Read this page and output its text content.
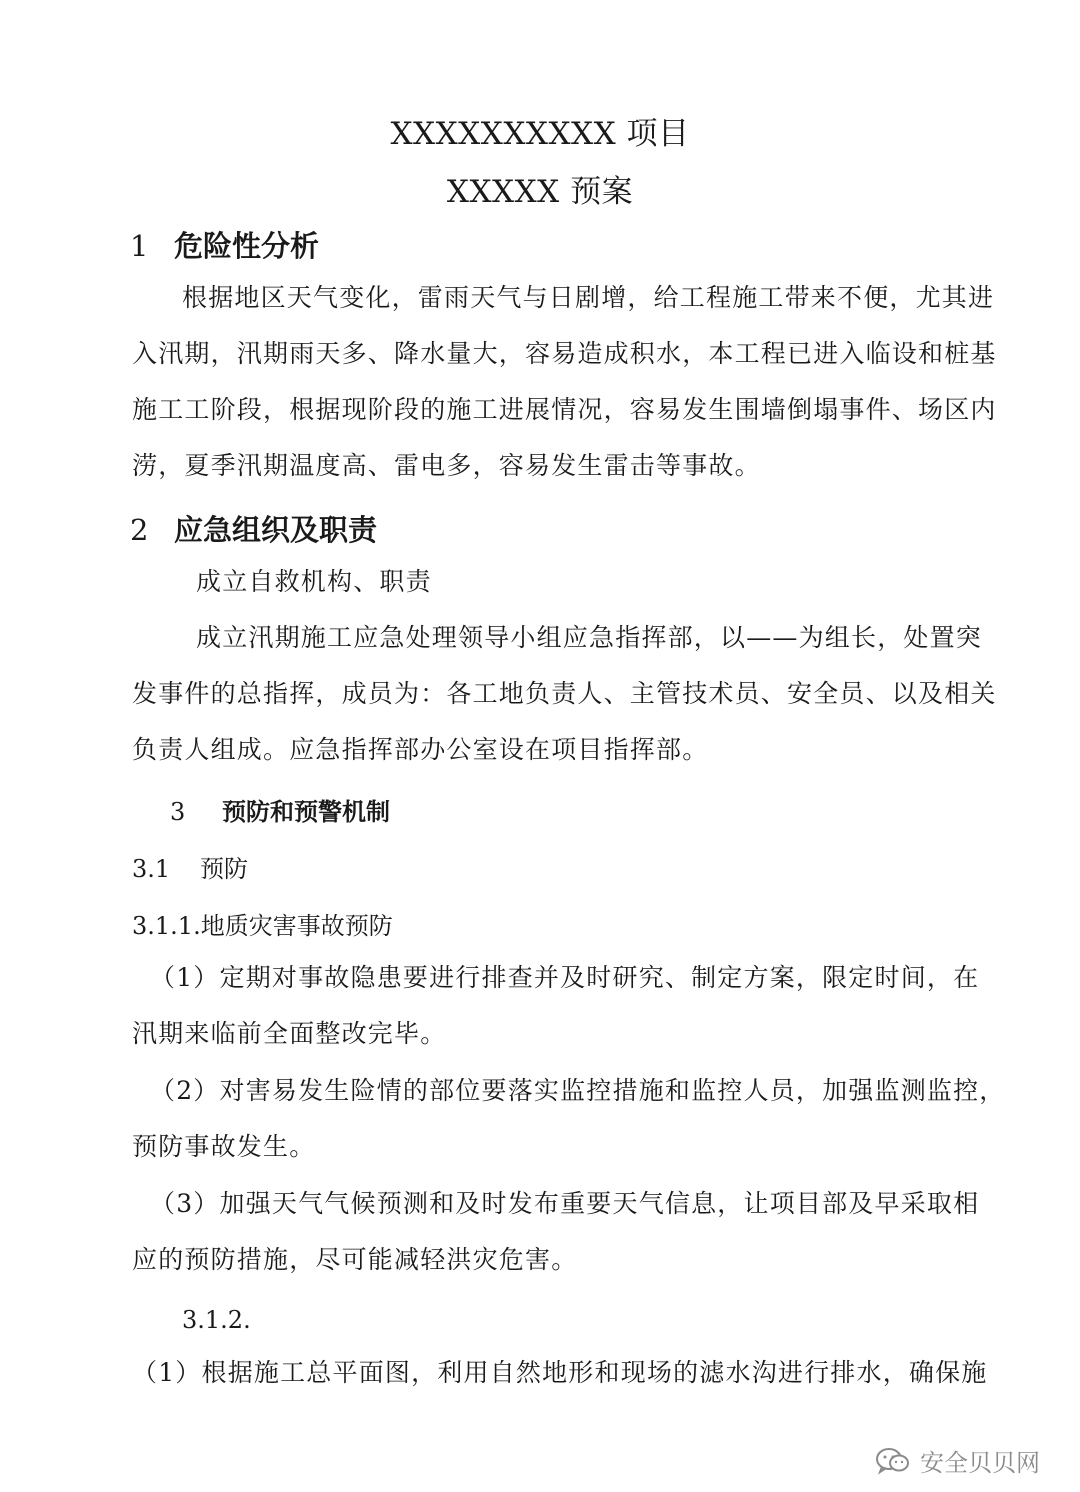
XXXXXXXXXX 项目
XXXXX 预案
1 危险性分析
根据地区天气变化，雷雨天气与日剧增，给工程施工带来不便，尤其进
入汛期，汛期雨天多、降水量大，容易造成积水，本工程已进入临设和桩基
施工工阶段，根据现阶段的施工进展情况，容易发生围墙倒塌事件、场区内
涝，夏季汛期温度高、雷电多，容易发生雷击等事故。
2 应急组织及职责
成立自救机构、职责
成立汛期施工应急处理领导小组应急指挥部，以——为组长，处置突
发事件的总指挥，成员为：各工地负责人、主管技术员、安全员、以及相关
负责人组成。应急指挥部办公室设在项目指挥部。
3 预防和预警机制
3.1 预防
3.1.1.地质灾害事故预防
（1）定期对事故隐患要进行排查并及时研究、制定方案，限定时间，在
汛期来临前全面整改完毕。
（2）对害易发生险情的部位要落实监控措施和监控人员，加强监测监控，
预防事故发生。
（3）加强天气气候预测和及时发布重要天气信息，让项目部及早采取相
应的预防措施，尽可能减轻洪灾危害。
3.1.2.
（1）根据施工总平面图，利用自然地形和现场的滤水沟进行排水，确保施
安全贝贝网
